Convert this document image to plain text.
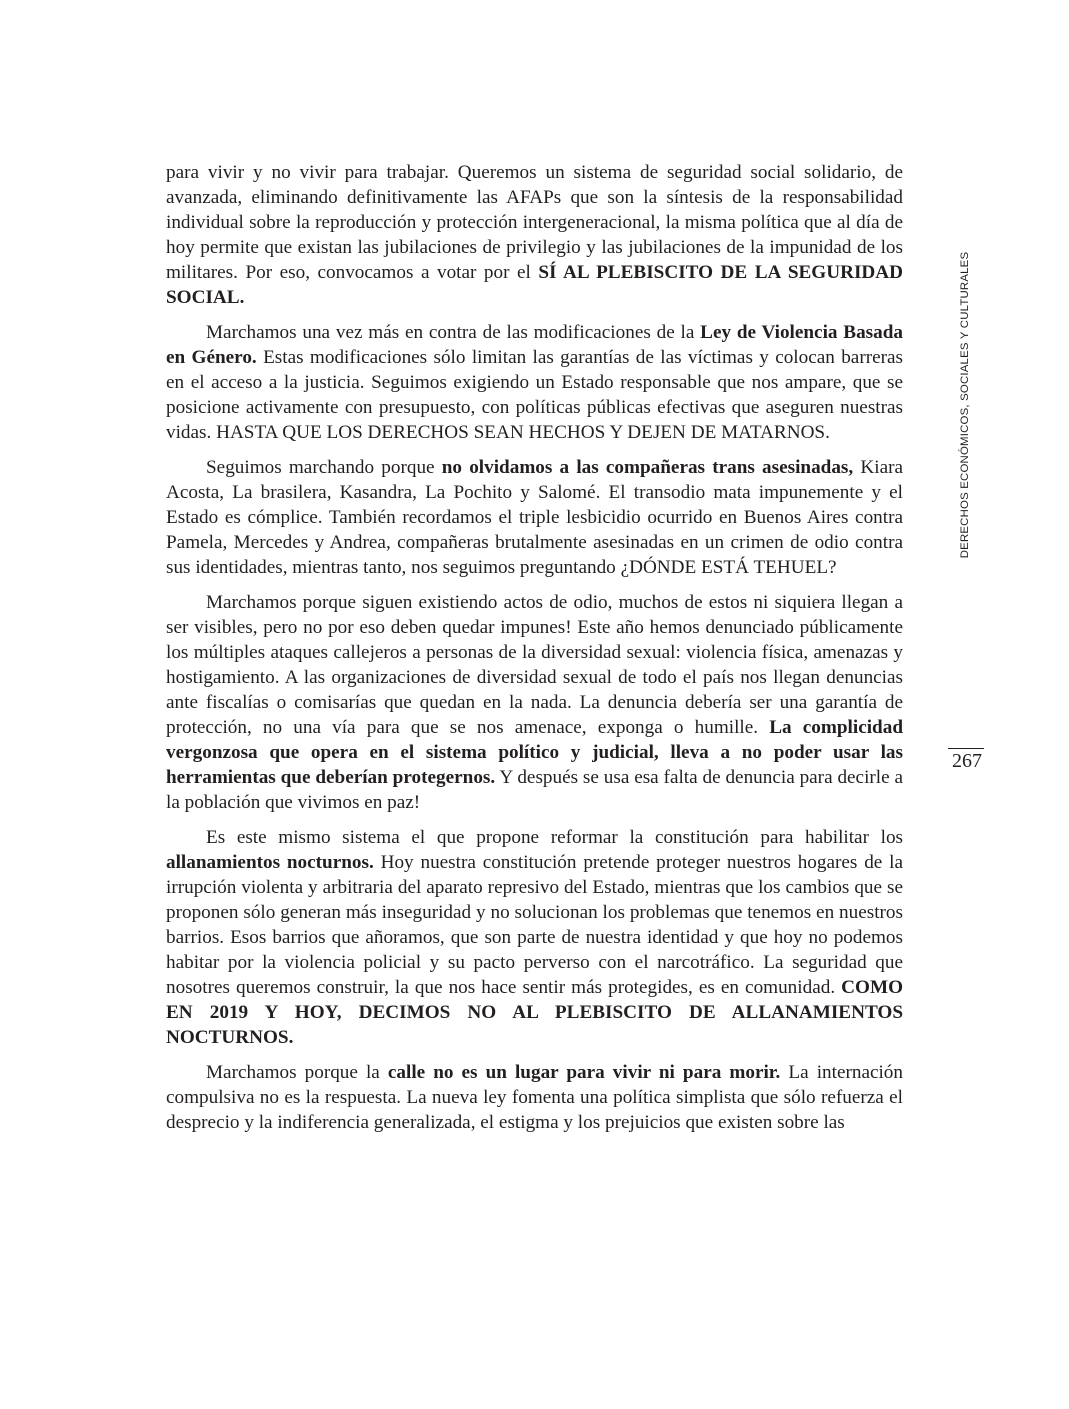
para vivir y no vivir para trabajar. Queremos un sistema de seguridad social solidario, de avanzada, eliminando definitivamente las AFAPs que son la síntesis de la responsabilidad individual sobre la reproducción y protección intergeneracional, la misma política que al día de hoy permite que existan las jubilaciones de privilegio y las jubilaciones de la impunidad de los militares. Por eso, convocamos a votar por el SÍ AL PLEBISCITO DE LA SEGURIDAD SOCIAL.

Marchamos una vez más en contra de las modificaciones de la Ley de Violencia Basada en Género. Estas modificaciones sólo limitan las garantías de las víctimas y colocan barreras en el acceso a la justicia. Seguimos exigiendo un Estado responsable que nos ampare, que se posicione activamente con presupuesto, con políticas públicas efectivas que aseguren nuestras vidas. HASTA QUE LOS DERECHOS SEAN HECHOS Y DEJEN DE MATARNOS.

Seguimos marchando porque no olvidamos a las compañeras trans asesinadas, Kiara Acosta, La brasilera, Kasandra, La Pochito y Salomé. El transodio mata impunemente y el Estado es cómplice. También recordamos el triple lesbicidio ocurrido en Buenos Aires contra Pamela, Mercedes y Andrea, compañeras brutalmente asesinadas en un crimen de odio contra sus identidades, mientras tanto, nos seguimos preguntando ¿DÓNDE ESTÁ TEHUEL?

Marchamos porque siguen existiendo actos de odio, muchos de estos ni siquiera llegan a ser visibles, pero no por eso deben quedar impunes! Este año hemos denunciado públicamente los múltiples ataques callejeros a personas de la diversidad sexual: violencia física, amenazas y hostigamiento. A las organizaciones de diversidad sexual de todo el país nos llegan denuncias ante fiscalías o comisarías que quedan en la nada. La denuncia debería ser una garantía de protección, no una vía para que se nos amenace, exponga o humille. La complicidad vergonzosa que opera en el sistema político y judicial, lleva a no poder usar las herramientas que deberían protegernos. Y después se usa esa falta de denuncia para decirle a la población que vivimos en paz!

Es este mismo sistema el que propone reformar la constitución para habilitar los allanamientos nocturnos. Hoy nuestra constitución pretende proteger nuestros hogares de la irrupción violenta y arbitraria del aparato represivo del Estado, mientras que los cambios que se proponen sólo generan más inseguridad y no solucionan los problemas que tenemos en nuestros barrios. Esos barrios que añoramos, que son parte de nuestra identidad y que hoy no podemos habitar por la violencia policial y su pacto perverso con el narcotráfico. La seguridad que nosotres queremos construir, la que nos hace sentir más protegides, es en comunidad. COMO EN 2019 Y HOY, DECIMOS NO AL PLEBISCITO DE ALLANAMIENTOS NOCTURNOS.

Marchamos porque la calle no es un lugar para vivir ni para morir. La internación compulsiva no es la respuesta. La nueva ley fomenta una política simplista que sólo refuerza el desprecio y la indiferencia generalizada, el estigma y los prejuicios que existen sobre las

DERECHOS ECONÓMICOS, SOCIALES Y CULTURALES
267
